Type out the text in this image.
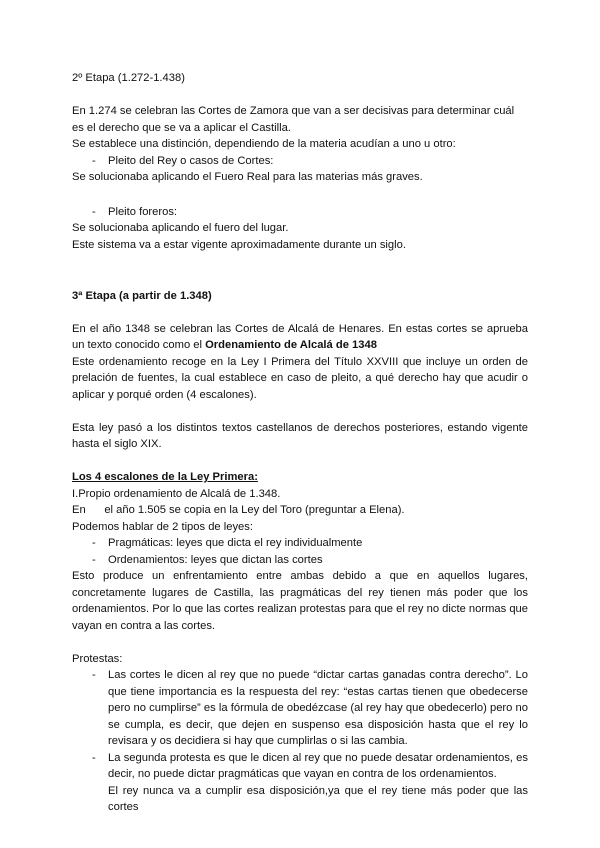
2º Etapa (1.272-1.438)

En 1.274 se celebran las Cortes de Zamora que van a ser decisivas para determinar cuál es el derecho que se va a aplicar el Castilla.

Se establece una distinción, dependiendo de la materia acudían a uno u otro:

- Pleito del Rey o casos de Cortes:

Se solucionaba aplicando el Fuero Real para las materias más graves.

- Pleito foreros:

Se solucionaba aplicando el fuero del lugar.

Este sistema va a estar vigente aproximadamente durante un siglo.

3ª Etapa (a partir de 1.348)

En el año 1348 se celebran las Cortes de Alcalá de Henares. En estas cortes se aprueba un texto conocido como el Ordenamiento de Alcalá de 1348

Este ordenamiento recoge en la Ley I Primera del Título XXVIII que incluye un orden de prelación de fuentes, la cual establece en caso de pleito, a qué derecho hay que acudir o aplicar y porqué orden (4 escalones).

Esta ley pasó a los distintos textos castellanos de derechos posteriores, estando vigente hasta el siglo XIX.

Los 4 escalones de la Ley Primera:

I.Propio ordenamiento de Alcalá de 1.348.

En      el año 1.505 se copia en la Ley del Toro (preguntar a Elena).

Podemos hablar de 2 tipos de leyes:

- Pragmáticas: leyes que dicta el rey individualmente
- Ordenamientos: leyes que dictan las cortes

Esto produce un enfrentamiento entre ambas debido a que en aquellos lugares, concretamente lugares de Castilla, las pragmáticas del rey tienen más poder que los ordenamientos. Por lo que las cortes realizan protestas para que el rey no dicte normas que vayan en contra a las cortes.

Protestas:

- Las cortes le dicen al rey que no puede “dictar cartas ganadas contra derecho”. Lo que tiene importancia es la respuesta del rey: “estas cartas tienen que obedecerse pero no cumplirse” es la fórmula de obedézcase (al rey hay que obedecerlo) pero no se cumpla, es decir, que dejen en suspenso esa disposición hasta que el rey lo revisara y os decidiera si hay que cumplirlas o si las cambia.
- La segunda protesta es que le dicen al rey que no puede desatar ordenamientos, es decir, no puede dictar pragmáticas que vayan en contra de los ordenamientos.

El rey nunca va a cumplir esa disposición,ya que el rey tiene más poder que las cortes
